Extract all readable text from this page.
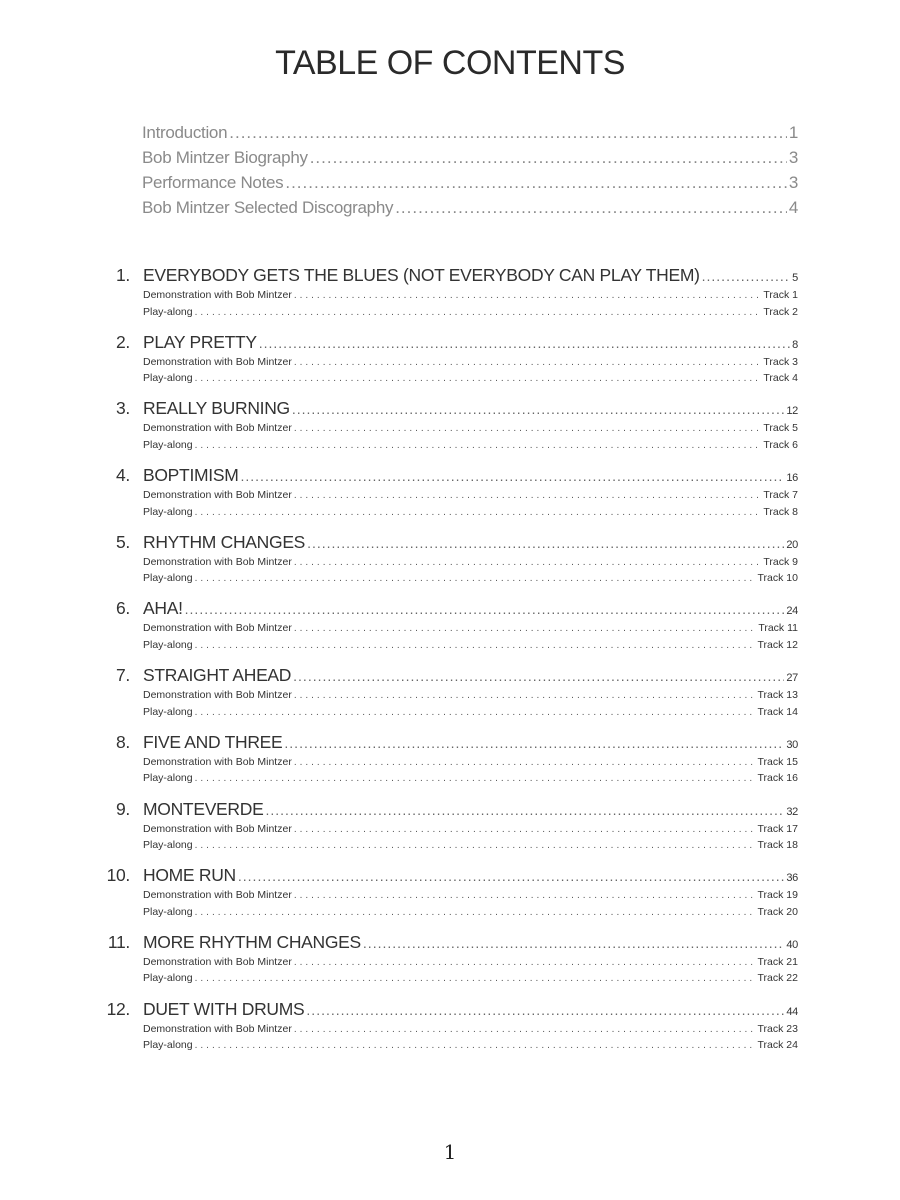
TABLE OF CONTENTS
Introduction .....	1
Bob Mintzer Biography .....	3
Performance Notes .....	3
Bob Mintzer Selected Discography .....	4
1. EVERYBODY GETS THE BLUES (NOT EVERYBODY CAN PLAY THEM) .....	5
Demonstration with Bob Mintzer .....	Track 1
Play-along .....	Track 2
2. PLAY PRETTY .....	8
Demonstration with Bob Mintzer .....	Track 3
Play-along .....	Track 4
3. REALLY BURNING .....	12
Demonstration with Bob Mintzer .....	Track 5
Play-along .....	Track 6
4. BOPTIMISM .....	16
Demonstration with Bob Mintzer .....	Track 7
Play-along .....	Track 8
5. RHYTHM CHANGES .....	20
Demonstration with Bob Mintzer .....	Track 9
Play-along .....	Track 10
6. AHA! .....	24
Demonstration with Bob Mintzer .....	Track 11
Play-along .....	Track 12
7. STRAIGHT AHEAD .....	27
Demonstration with Bob Mintzer .....	Track 13
Play-along .....	Track 14
8. FIVE AND THREE .....	30
Demonstration with Bob Mintzer .....	Track 15
Play-along .....	Track 16
9. MONTEVERDE .....	32
Demonstration with Bob Mintzer .....	Track 17
Play-along .....	Track 18
10. HOME RUN .....	36
Demonstration with Bob Mintzer .....	Track 19
Play-along .....	Track 20
11. MORE RHYTHM CHANGES .....	40
Demonstration with Bob Mintzer .....	Track 21
Play-along .....	Track 22
12. DUET WITH DRUMS .....	44
Demonstration with Bob Mintzer .....	Track 23
Play-along .....	Track 24
1
